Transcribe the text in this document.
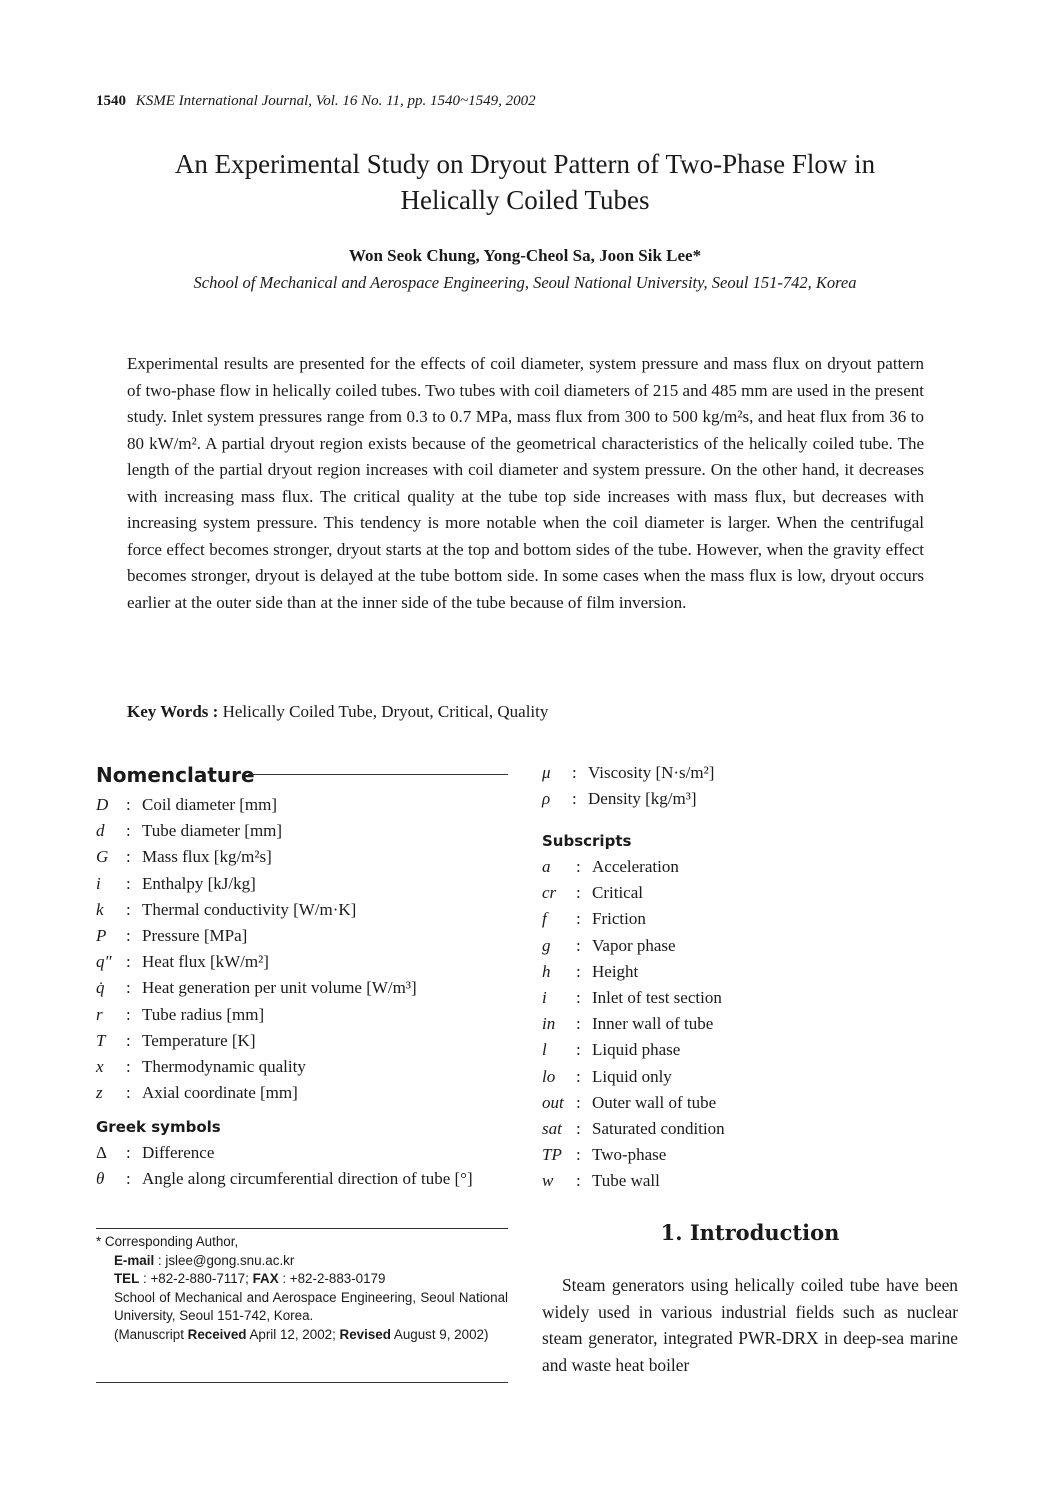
1540 KSME International Journal, Vol. 16 No. 11, pp. 1540~1549, 2002
An Experimental Study on Dryout Pattern of Two-Phase Flow in
Helically Coiled Tubes
Won Seok Chung, Yong-Cheol Sa, Joon Sik Lee*
School of Mechanical and Aerospace Engineering, Seoul National University, Seoul 151-742, Korea
Experimental results are presented for the effects of coil diameter, system pressure and mass flux on dryout pattern of two-phase flow in helically coiled tubes. Two tubes with coil diameters of 215 and 485 mm are used in the present study. Inlet system pressures range from 0.3 to 0.7 MPa, mass flux from 300 to 500 kg/m²s, and heat flux from 36 to 80 kW/m². A partial dryout region exists because of the geometrical characteristics of the helically coiled tube. The length of the partial dryout region increases with coil diameter and system pressure. On the other hand, it decreases with increasing mass flux. The critical quality at the tube top side increases with mass flux, but decreases with increasing system pressure. This tendency is more notable when the coil diameter is larger. When the centrifugal force effect becomes stronger, dryout starts at the top and bottom sides of the tube. However, when the gravity effect becomes stronger, dryout is delayed at the tube bottom side. In some cases when the mass flux is low, dryout occurs earlier at the outer side than at the inner side of the tube because of film inversion.
Key Words : Helically Coiled Tube, Dryout, Critical, Quality
Nomenclature
D	: Coil diameter [mm]
d	: Tube diameter [mm]
G	: Mass flux [kg/m²s]
i	: Enthalpy [kJ/kg]
k	: Thermal conductivity [W/m·K]
P	: Pressure [MPa]
q″ : Heat flux [kW/m²]
q̇	: Heat generation per unit volume [W/m³]
r	: Tube radius [mm]
T	: Temperature [K]
x	: Thermodynamic quality
z	: Axial coordinate [mm]
Greek symbols
Δ	: Difference
θ	: Angle along circumferential direction of tube [°]
* Corresponding Author,
E-mail : jslee@gong.snu.ac.kr
TEL : +82-2-880-7117; FAX : +82-2-883-0179
School of Mechanical and Aerospace Engineering, Seoul National University, Seoul 151-742, Korea.
(Manuscript Received April 12, 2002; Revised August 9, 2002)
μ	: Viscosity [N·s/m²]
ρ	: Density [kg/m³]
Subscripts
a	: Acceleration
cr	: Critical
f	: Friction
g	: Vapor phase
h	: Height
i	: Inlet of test section
in	: Inner wall of tube
l	: Liquid phase
lo	: Liquid only
out : Outer wall of tube
sat : Saturated condition
TP : Two-phase
w	: Tube wall
1. Introduction
Steam generators using helically coiled tube have been widely used in various industrial fields such as nuclear steam generator, integrated PWR-DRX in deep-sea marine and waste heat boiler
